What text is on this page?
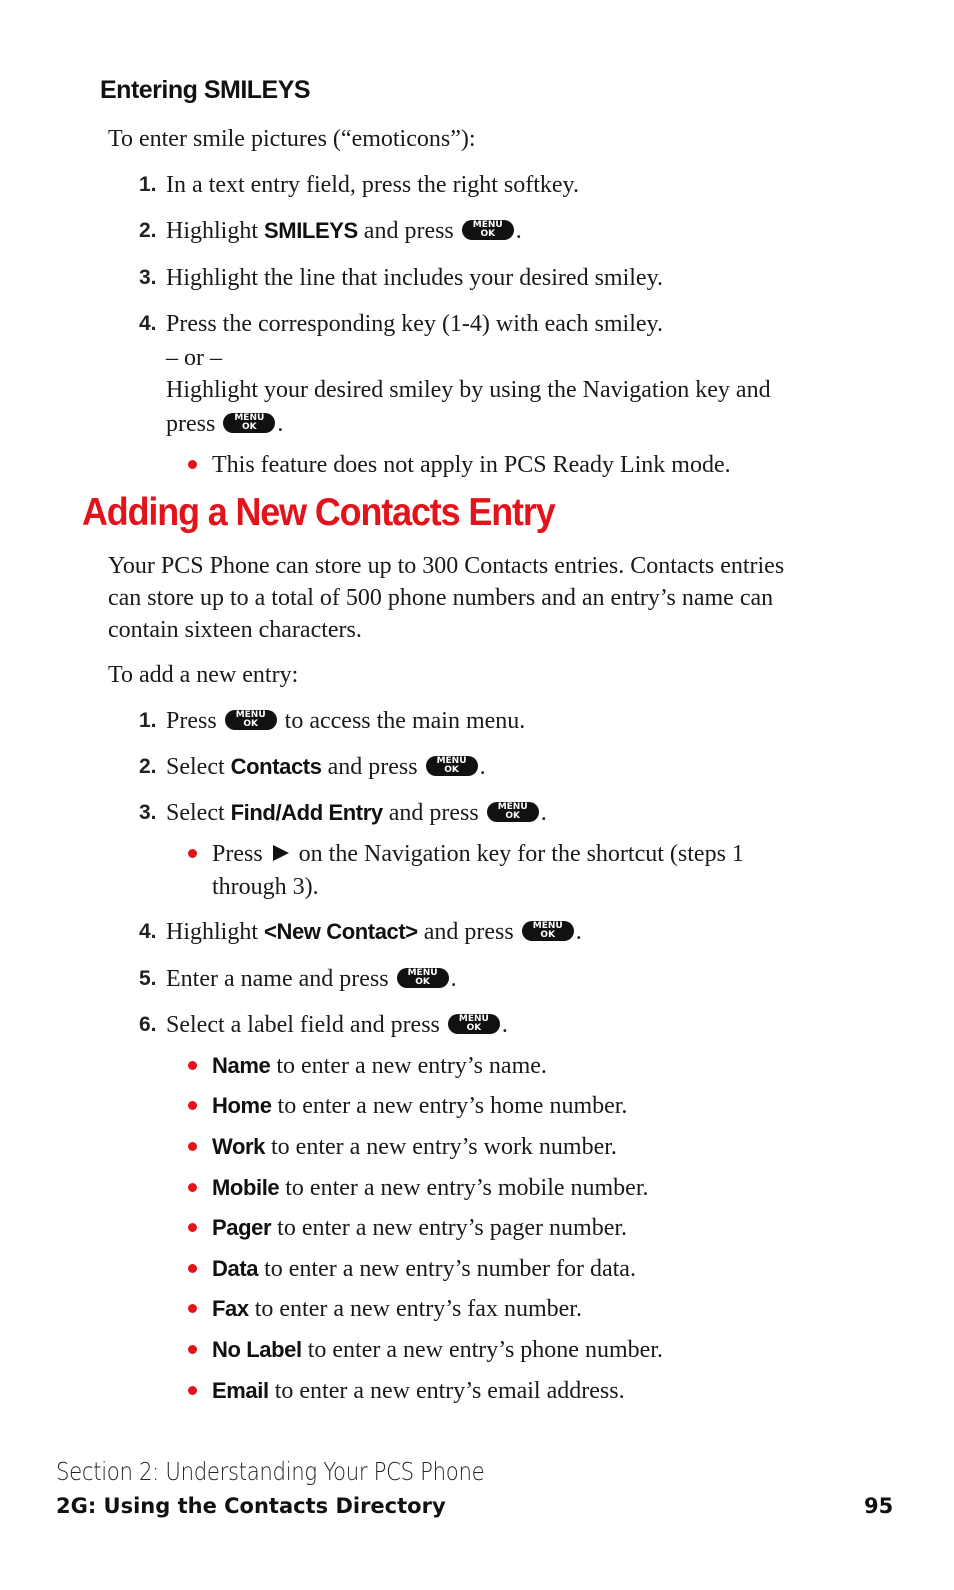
Entering SMILEYS
To enter smile pictures (“emoticons”):
1. In a text entry field, press the right softkey.
2. Highlight SMILEYS and press	MENU
OK .
3. Highlight the line that includes your desired smiley.
4. Press the corresponding key (1-4) with each smiley.
– or –
Highlight your desired smiley by using the Navigation key and
press	MENU
OK .
This feature does not apply in PCS Ready Link mode.
Adding a New Contacts Entry
Your PCS Phone can store up to 300 Contacts entries. Contacts entries
can store up to a total of 500 phone numbers and an entry’s name can
contain sixteen characters.
To add a new entry:
1. Press	MENU
OK to access the main menu.
2. Select Contacts and press	MENU
OK .
3. Select Find/Add Entry and press	MENU
OK .
Press  on the Navigation key for the shortcut (steps 1
through 3).
4. Highlight <New Contact> and press	MENU
OK .
5. Enter a name and press	MENU
OK .
6. Select a label field and press	MENU
OK .
Name to enter a new entry’s name.
Home to enter a new entry’s home number.
Work to enter a new entry’s work number.
Mobile to enter a new entry’s mobile number.
Pager to enter a new entry’s pager number.
Data to enter a new entry’s number for data.
Fax to enter a new entry’s fax number.
No Label to enter a new entry’s phone number.
Email to enter a new entry’s email address.
Section 2: Understanding Your PCS Phone
2G: Using the Contacts Directory	95
